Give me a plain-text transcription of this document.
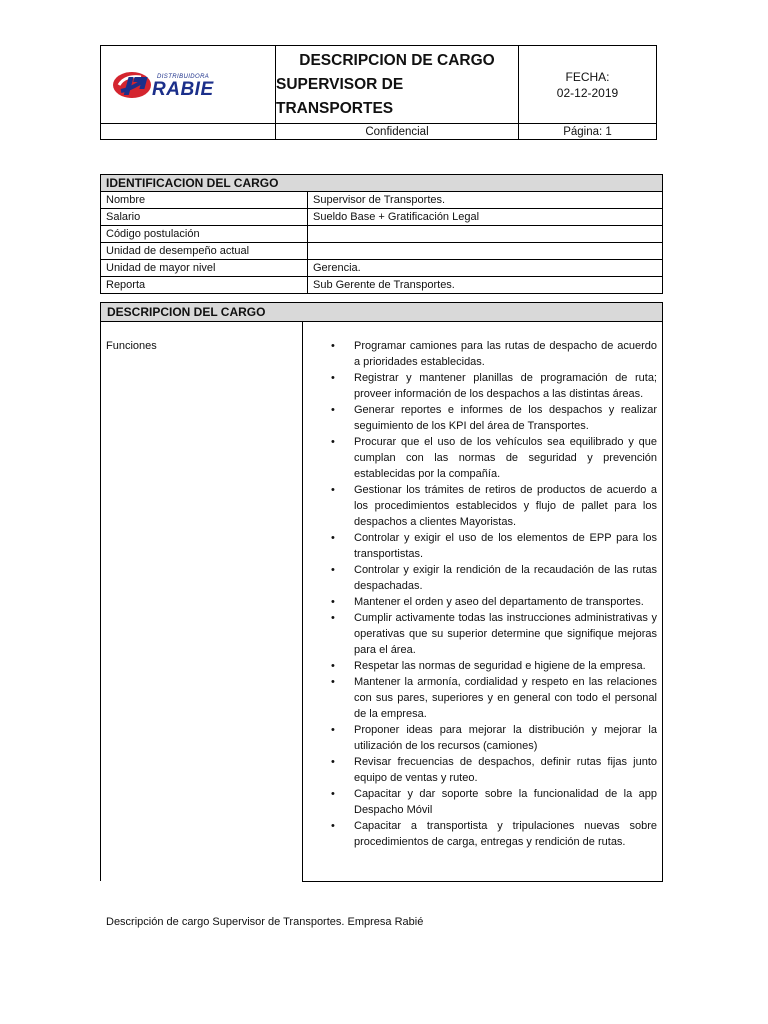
DISTRIBUIDORA
RABIE
DESCRIPCION DE CARGO
SUPERVISOR DE TRANSPORTES
FECHA:
02-12-2019
Confidencial	Página: 1
IDENTIFICACION DEL CARGO	
Nombre	Supervisor de Transportes.
Salario	Sueldo Base + Gratificación Legal
Código postulación	
Unidad de desempeño actual	
Unidad de mayor nivel	Gerencia.
Reporta	Sub Gerente de Transportes.
DESCRIPCION DEL CARGO
Funciones	• Programar camiones para las rutas de despacho de acuerdo a prioridades establecidas.
• Registrar y mantener planillas de programación de ruta; proveer información de los despachos a las distintas áreas.
• Generar reportes e informes de los despachos y realizar seguimiento de los KPI del área de Transportes.
• Procurar que el uso de los vehículos sea equilibrado y que cumplan con las normas de seguridad y prevención establecidas por la compañía.
• Gestionar los trámites de retiros de productos de acuerdo a los procedimientos establecidos y flujo de pallet para los despachos a clientes Mayoristas.
• Controlar y exigir el uso de los elementos de EPP para los transportistas.
• Controlar y exigir la rendición de la recaudación de las rutas despachadas.
• Mantener el orden y aseo del departamento de transportes.
• Cumplir activamente todas las instrucciones administrativas y operativas que su superior determine que signifique mejoras para el área.
• Respetar las normas de seguridad e higiene de la empresa.
• Mantener la armonía, cordialidad y respeto en las relaciones con sus pares, superiores y en general con todo el personal de la empresa.
• Proponer ideas para mejorar la distribución y mejorar la utilización de los recursos (camiones)
• Revisar frecuencias de despachos, definir rutas fijas junto equipo de ventas y ruteo.
• Capacitar y dar soporte sobre la funcionalidad de la app Despacho Móvil
• Capacitar a transportista y tripulaciones nuevas sobre procedimientos de carga, entregas y rendición de rutas.
Descripción de cargo Supervisor de Transportes. Empresa Rabié
